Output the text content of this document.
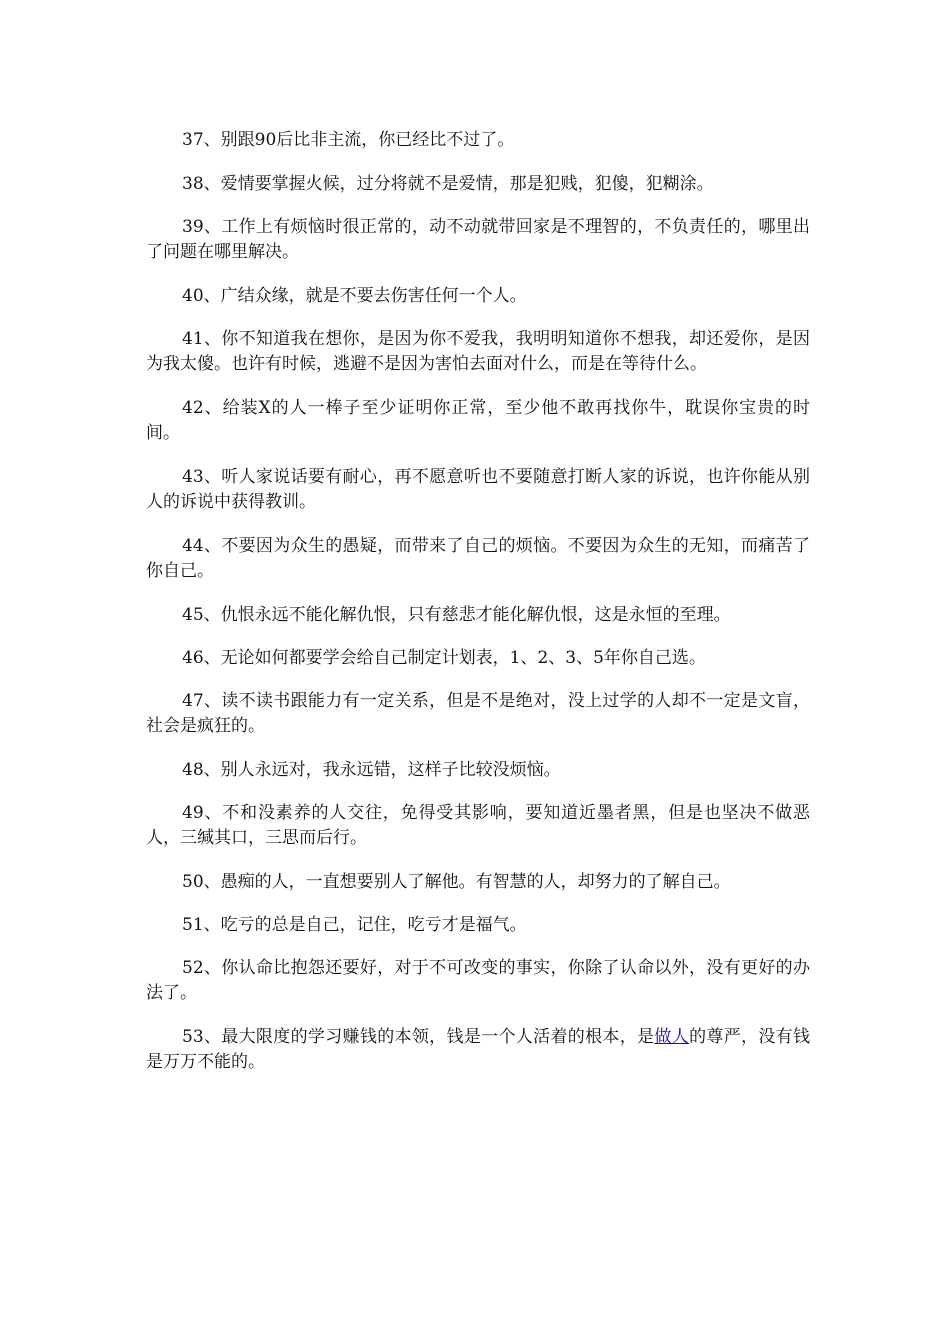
37、别跟90后比非主流，你已经比不过了。

38、爱情要掌握火候，过分将就不是爱情，那是犯贱，犯傻，犯糊涂。

39、工作上有烦恼时很正常的，动不动就带回家是不理智的，不负责任的，哪里出了问题在哪里解决。

40、广结众缘，就是不要去伤害任何一个人。

41、你不知道我在想你，是因为你不爱我，我明明知道你不想我，却还爱你，是因为我太傻。也许有时候，逃避不是因为害怕去面对什么，而是在等待什么。

42、给装X的人一棒子至少证明你正常，至少他不敢再找你牛，耽误你宝贵的时间。

43、听人家说话要有耐心，再不愿意听也不要随意打断人家的诉说，也许你能从别人的诉说中获得教训。

44、不要因为众生的愚疑，而带来了自己的烦恼。不要因为众生的无知，而痛苦了你自己。

45、仇恨永远不能化解仇恨，只有慈悲才能化解仇恨，这是永恒的至理。

46、无论如何都要学会给自己制定计划表，1、2、3、5年你自己选。

47、读不读书跟能力有一定关系，但是不是绝对，没上过学的人却不一定是文盲，社会是疯狂的。

48、别人永远对，我永远错，这样子比较没烦恼。

49、不和没素养的人交往，免得受其影响，要知道近墨者黑，但是也坚决不做恶人，三缄其口，三思而后行。

50、愚痴的人，一直想要别人了解他。有智慧的人，却努力的了解自己。

51、吃亏的总是自己，记住，吃亏才是福气。

52、你认命比抱怨还要好，对于不可改变的事实，你除了认命以外，没有更好的办法了。

53、最大限度的学习赚钱的本领，钱是一个人活着的根本，是做人的尊严，没有钱是万万不能的。
